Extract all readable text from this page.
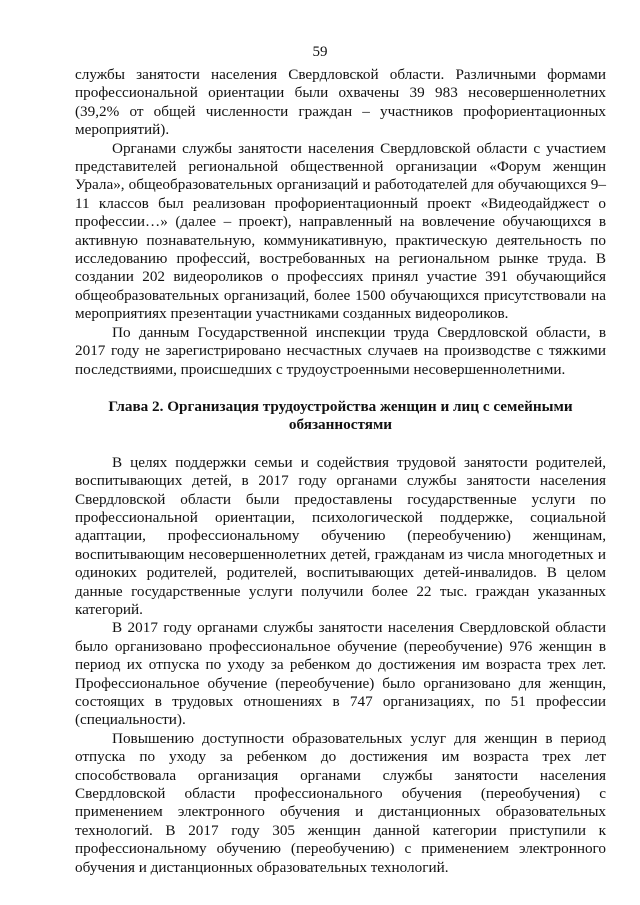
59

службы занятости населения Свердловской области. Различными формами профессиональной ориентации были охвачены 39 983 несовершеннолетних (39,2% от общей численности граждан – участников профориентационных мероприятий).

Органами службы занятости населения Свердловской области с участием представителей региональной общественной организации «Форум женщин Урала», общеобразовательных организаций и работодателей для обучающихся 9–11 классов был реализован профориентационный проект «Видеодайджест о профессии…» (далее – проект), направленный на вовлечение обучающихся в активную познавательную, коммуникативную, практическую деятельность по исследованию профессий, востребованных на региональном рынке труда. В создании 202 видеороликов о профессиях принял участие 391 обучающийся общеобразовательных организаций, более 1500 обучающихся присутствовали на мероприятиях презентации участниками созданных видеороликов.

По данным Государственной инспекции труда Свердловской области, в 2017 году не зарегистрировано несчастных случаев на производстве с тяжкими последствиями, происшедших с трудоустроенными несовершеннолетними.

Глава 2. Организация трудоустройства женщин и лиц с семейными обязанностями

В целях поддержки семьи и содействия трудовой занятости родителей, воспитывающих детей, в 2017 году органами службы занятости населения Свердловской области были предоставлены государственные услуги по профессиональной ориентации, психологической поддержке, социальной адаптации, профессиональному обучению (переобучению) женщинам, воспитывающим несовершеннолетних детей, гражданам из числа многодетных и одиноких родителей, родителей, воспитывающих детей-инвалидов. В целом данные государственные услуги получили более 22 тыс. граждан указанных категорий.

В 2017 году органами службы занятости населения Свердловской области было организовано профессиональное обучение (переобучение) 976 женщин в период их отпуска по уходу за ребенком до достижения им возраста трех лет. Профессиональное обучение (переобучение) было организовано для женщин, состоящих в трудовых отношениях в 747 организациях, по 51 профессии (специальности).

Повышению доступности образовательных услуг для женщин в период отпуска по уходу за ребенком до достижения им возраста трех лет способствовала организация органами службы занятости населения Свердловской области профессионального обучения (переобучения) с применением электронного обучения и дистанционных образовательных технологий. В 2017 году 305 женщин данной категории приступили к профессиональному обучению (переобучению) с применением электронного обучения и дистанционных образовательных технологий.
